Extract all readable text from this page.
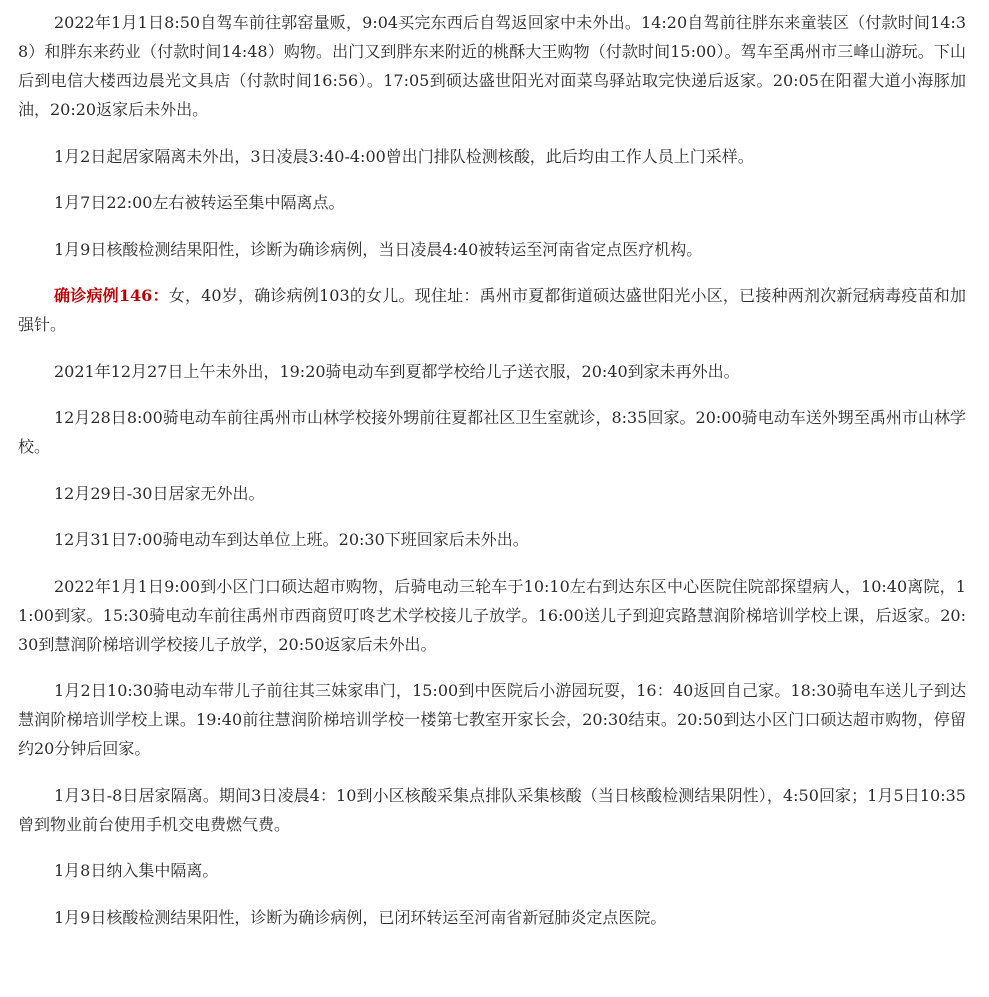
2022年1月1日8:50自驾车前往郭窑量贩，9:04买完东西后自驾返回家中未外出。14:20自驾前往胖东来童装区（付款时间14:38）和胖东来药业（付款时间14:48）购物。出门又到胖东来附近的桃酥大王购物（付款时间15:00）。驾车至禹州市三峰山游玩。下山后到电信大楼西边晨光文具店（付款时间16:56）。17:05到硕达盛世阳光对面菜鸟驿站取完快递后返家。20:05在阳翟大道小海豚加油，20:20返家后未外出。

1月2日起居家隔离未外出，3日凌晨3:40-4:00曾出门排队检测核酸，此后均由工作人员上门采样。

1月7日22:00左右被转运至集中隔离点。

1月9日核酸检测结果阳性，诊断为确诊病例，当日凌晨4:40被转运至河南省定点医疗机构。

确诊病例146：女，40岁，确诊病例103的女儿。现住址：禹州市夏都街道硕达盛世阳光小区，已接种两剂次新冠病毒疫苗和加强针。

2021年12月27日上午未外出，19:20骑电动车到夏都学校给儿子送衣服，20:40到家未再外出。

12月28日8:00骑电动车前往禹州市山林学校接外甥前往夏都社区卫生室就诊，8:35回家。20:00骑电动车送外甥至禹州市山林学校。

12月29日-30日居家无外出。

12月31日7:00骑电动车到达单位上班。20:30下班回家后未外出。

2022年1月1日9:00到小区门口硕达超市购物，后骑电动三轮车于10:10左右到达东区中心医院住院部探望病人，10:40离院，11:00到家。15:30骑电动车前往禹州市西商贸叮咚艺术学校接儿子放学。16:00送儿子到迎宾路慧润阶梯培训学校上课，后返家。20:30到慧润阶梯培训学校接儿子放学，20:50返家后未外出。

1月2日10:30骑电动车带儿子前往其三妹家串门，15:00到中医院后小游园玩耍，16：40返回自己家。18:30骑电车送儿子到达慧润阶梯培训学校上课。19:40前往慧润阶梯培训学校一楼第七教室开家长会，20:30结束。20:50到达小区门口硕达超市购物，停留约20分钟后回家。

1月3日-8日居家隔离。期间3日凌晨4：10到小区核酸采集点排队采集核酸（当日核酸检测结果阴性），4:50回家；1月5日10:35曾到物业前台使用手机交电费燃气费。

1月8日纳入集中隔离。

1月9日核酸检测结果阳性，诊断为确诊病例，已闭环转运至河南省新冠肺炎定点医院。
